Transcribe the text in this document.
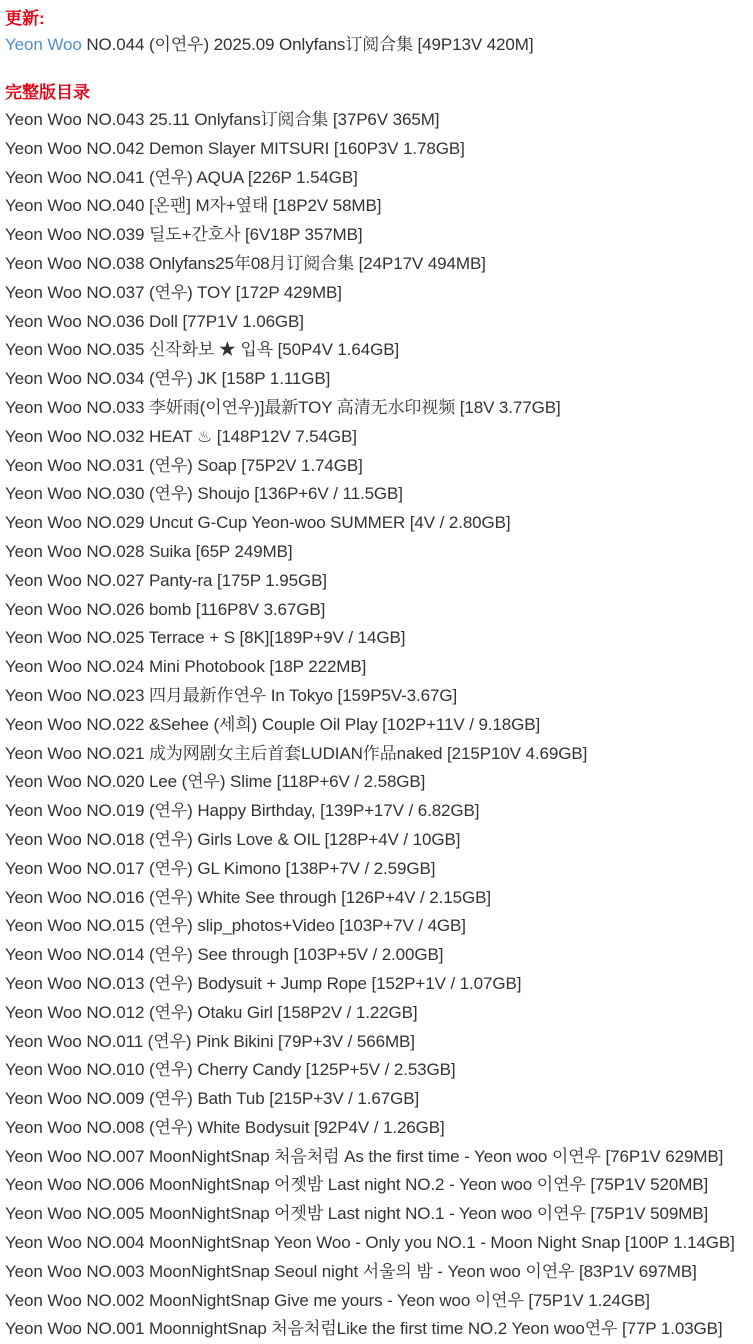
更新:

Yeon Woo NO.044 (이연우) 2025.09 Onlyfans订阅合集 [49P13V 420M]

完整版目录

Yeon Woo NO.043 25.11 Onlyfans订阅合集 [37P6V 365M]

Yeon Woo NO.042 Demon Slayer MITSURI [160P3V 1.78GB]

Yeon Woo NO.041 (연우) AQUA [226P 1.54GB]

Yeon Woo NO.040 [온팬] M자+옆태 [18P2V 58MB]

Yeon Woo NO.039 딜도+간호사 [6V18P 357MB]

Yeon Woo NO.038 Onlyfans25年08月订阅合集 [24P17V 494MB]

Yeon Woo NO.037 (연우) TOY [172P 429MB]

Yeon Woo NO.036 Doll [77P1V 1.06GB]

Yeon Woo NO.035 신작화보 ★ 입욕 [50P4V 1.64GB]

Yeon Woo NO.034 (연우) JK [158P 1.11GB]

Yeon Woo NO.033 李妍雨(이연우)]最新TOY 高清无水印视频 [18V 3.77GB]

Yeon Woo NO.032 HEAT ♨ [148P12V 7.54GB]

Yeon Woo NO.031 (연우) Soap [75P2V 1.74GB]

Yeon Woo NO.030 (연우) Shoujo [136P+6V / 11.5GB]

Yeon Woo NO.029 Uncut G-Cup Yeon-woo SUMMER [4V / 2.80GB]

Yeon Woo NO.028 Suika [65P 249MB]

Yeon Woo NO.027 Panty-ra [175P 1.95GB]

Yeon Woo NO.026 bomb [116P8V 3.67GB]

Yeon Woo NO.025 Terrace + S [8K][189P+9V / 14GB]

Yeon Woo NO.024 Mini Photobook [18P 222MB]

Yeon Woo NO.023 四月最新作연우 In Tokyo [159P5V-3.67G]

Yeon Woo NO.022 &Sehee (세희) Couple Oil Play [102P+11V / 9.18GB]

Yeon Woo NO.021 成为网剧女主后首套LUDIAN作品naked [215P10V 4.69GB]

Yeon Woo NO.020 Lee (연우) Slime [118P+6V / 2.58GB]

Yeon Woo NO.019 (연우) Happy Birthday, [139P+17V / 6.82GB]

Yeon Woo NO.018 (연우) Girls Love & OIL [128P+4V / 10GB]

Yeon Woo NO.017 (연우) GL Kimono [138P+7V / 2.59GB]

Yeon Woo NO.016 (연우) White See through [126P+4V / 2.15GB]

Yeon Woo NO.015 (연우) slip_photos+Video [103P+7V / 4GB]

Yeon Woo NO.014 (연우) See through [103P+5V / 2.00GB]

Yeon Woo NO.013 (연우) Bodysuit + Jump Rope [152P+1V / 1.07GB]

Yeon Woo NO.012 (연우) Otaku Girl [158P2V / 1.22GB]

Yeon Woo NO.011 (연우) Pink Bikini [79P+3V / 566MB]

Yeon Woo NO.010 (연우) Cherry Candy [125P+5V / 2.53GB]

Yeon Woo NO.009 (연우) Bath Tub [215P+3V / 1.67GB]

Yeon Woo NO.008 (연우) White Bodysuit [92P4V / 1.26GB]

Yeon Woo NO.007 MoonNightSnap 처음처럼 As the first time - Yeon woo 이연우 [76P1V 629MB]

Yeon Woo NO.006 MoonNightSnap 어젯밤 Last night NO.2 - Yeon woo 이연우 [75P1V 520MB]

Yeon Woo NO.005 MoonNightSnap 어젯밤 Last night NO.1 - Yeon woo 이연우 [75P1V 509MB]

Yeon Woo NO.004 MoonNightSnap Yeon Woo - Only you NO.1 - Moon Night Snap [100P 1.14GB]

Yeon Woo NO.003 MoonNightSnap Seoul night 서울의 밤 - Yeon woo 이연우 [83P1V 697MB]

Yeon Woo NO.002 MoonNightSnap Give me yours - Yeon woo 이연우 [75P1V 1.24GB]

Yeon Woo NO.001 MoonnightSnap 처음처럼Like the first time NO.2 Yeon woo연우 [77P 1.03GB]
